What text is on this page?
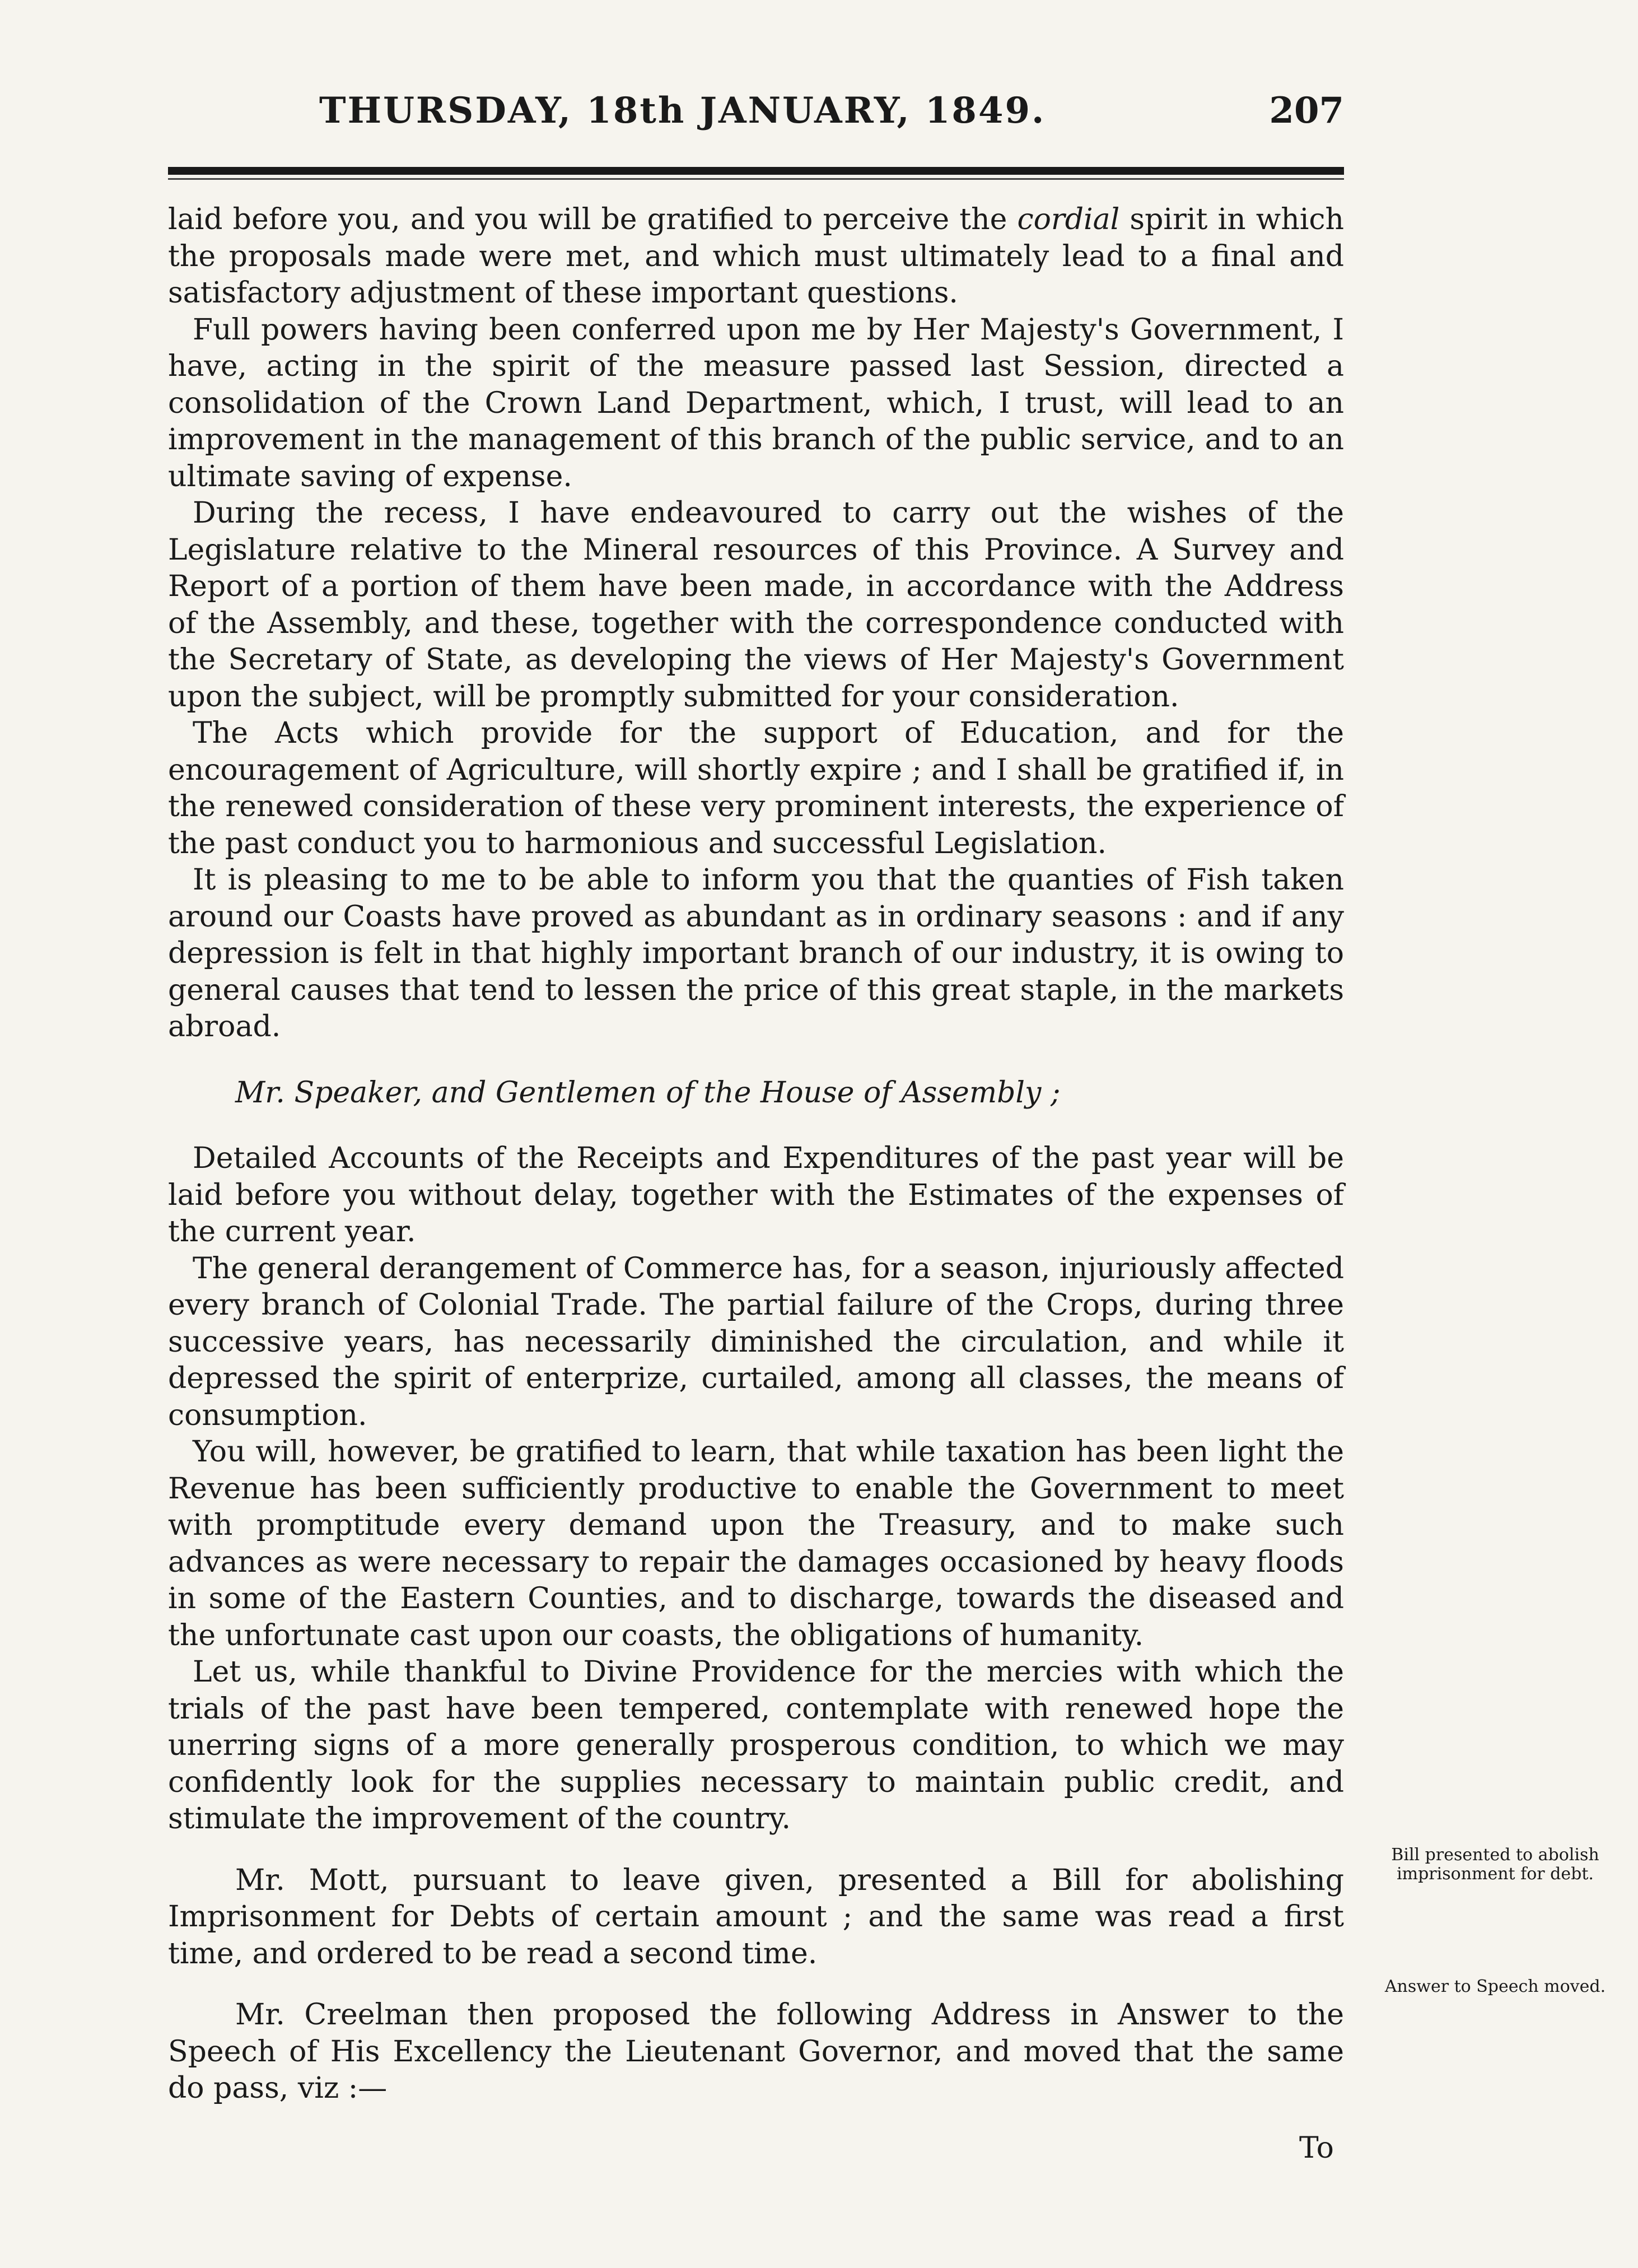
THURSDAY, 18th JANUARY, 1849.	207

laid before you, and you will be gratified to perceive the cordial spirit in which the proposals made were met, and which must ultimately lead to a final and satisfactory adjustment of these important questions.

Full powers having been conferred upon me by Her Majesty's Government, I have, acting in the spirit of the measure passed last Session, directed a consolidation of the Crown Land Department, which, I trust, will lead to an improvement in the management of this branch of the public service, and to an ultimate saving of expense.

During the recess, I have endeavoured to carry out the wishes of the Legislature relative to the Mineral resources of this Province. A Survey and Report of a portion of them have been made, in accordance with the Address of the Assembly, and these, together with the correspondence conducted with the Secretary of State, as developing the views of Her Majesty's Government upon the subject, will be promptly submitted for your consideration.

The Acts which provide for the support of Education, and for the encouragement of Agriculture, will shortly expire ; and I shall be gratified if, in the renewed consideration of these very prominent interests, the experience of the past conduct you to harmonious and successful Legislation.

It is pleasing to me to be able to inform you that the quanties of Fish taken around our Coasts have proved as abundant as in ordinary seasons : and if any depression is felt in that highly important branch of our industry, it is owing to general causes that tend to lessen the price of this great staple, in the markets abroad.

Mr. Speaker, and Gentlemen of the House of Assembly ;

Detailed Accounts of the Receipts and Expenditures of the past year will be laid before you without delay, together with the Estimates of the expenses of the current year.

The general derangement of Commerce has, for a season, injuriously affected every branch of Colonial Trade. The partial failure of the Crops, during three successive years, has necessarily diminished the circulation, and while it depressed the spirit of enterprize, curtailed, among all classes, the means of consumption.

You will, however, be gratified to learn, that while taxation has been light the Revenue has been sufficiently productive to enable the Government to meet with promptitude every demand upon the Treasury, and to make such advances as were necessary to repair the damages occasioned by heavy floods in some of the Eastern Counties, and to discharge, towards the diseased and the unfortunate cast upon our coasts, the obligations of humanity.

Let us, while thankful to Divine Providence for the mercies with which the trials of the past have been tempered, contemplate with renewed hope the unerring signs of a more generally prosperous condition, to which we may confidently look for the supplies necessary to maintain public credit, and stimulate the improvement of the country.

Mr. Mott, pursuant to leave given, presented a Bill for abolishing Imprisonment for Debts of certain amount ; and the same was read a first time, and ordered to be read a second time.

Mr. Creelman then proposed the following Address in Answer to the Speech of His Excellency the Lieutenant Governor, and moved that the same do pass, viz :—

Bill presented to abolish imprisonment for debt.
Answer to Speech moved.
To
